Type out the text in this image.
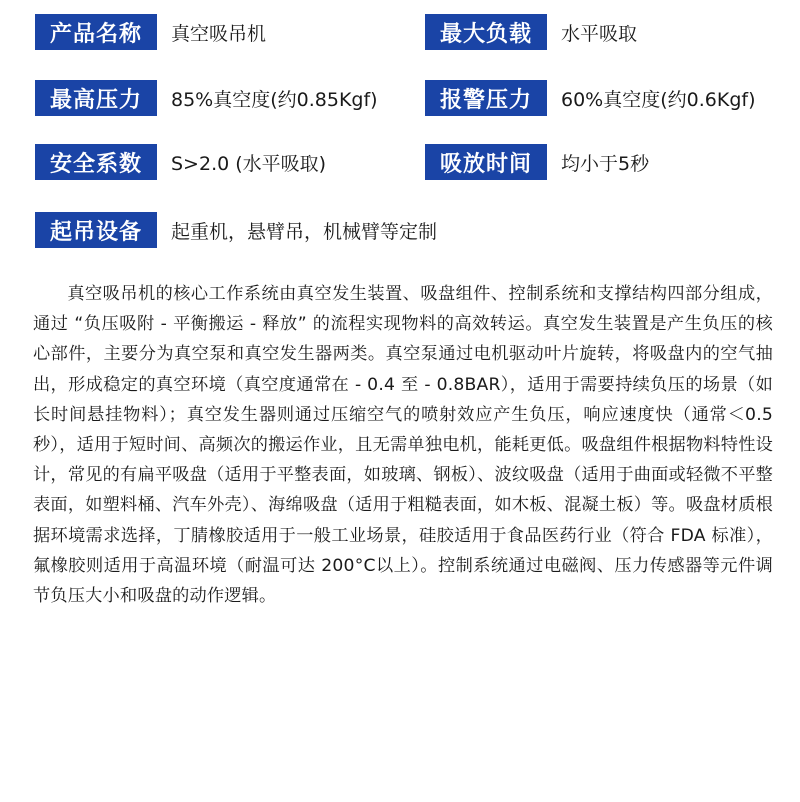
产品名称	真空吸吊机	最大负载	水平吸取
最高压力	85%真空度(约0.85Kgf)	报警压力	60%真空度(约0.6Kgf)
安全系数	S>2.0 (水平吸取)	吸放时间	均小于5秒
起吊设备	起重机，悬臂吊，机械臂等定制

真空吸吊机的核心工作系统由真空发生装置、吸盘组件、控制系统和支撑结构四部分组成，通过 “负压吸附 - 平衡搬运 - 释放” 的流程实现物料的高效转运。真空发生装置是产生负压的核心部件，主要分为真空泵和真空发生器两类。真空泵通过电机驱动叶片旋转，将吸盘内的空气抽出，形成稳定的真空环境（真空度通常在 - 0.4 至 - 0.8BAR），适用于需要持续负压的场景（如长时间悬挂物料）；真空发生器则通过压缩空气的喷射效应产生负压，响应速度快（通常＜0.5 秒），适用于短时间、高频次的搬运作业，且无需单独电机，能耗更低。吸盘组件根据物料特性设计，常见的有扁平吸盘（适用于平整表面，如玻璃、钢板）、波纹吸盘（适用于曲面或轻微不平整表面，如塑料桶、汽车外壳）、海绵吸盘（适用于粗糙表面，如木板、混凝土板）等。吸盘材质根据环境需求选择，丁腈橡胶适用于一般工业场景，硅胶适用于食品医药行业（符合 FDA 标准），氟橡胶则适用于高温环境（耐温可达 200°C以上）。控制系统通过电磁阀、压力传感器等元件调节负压大小和吸盘的动作逻辑。
